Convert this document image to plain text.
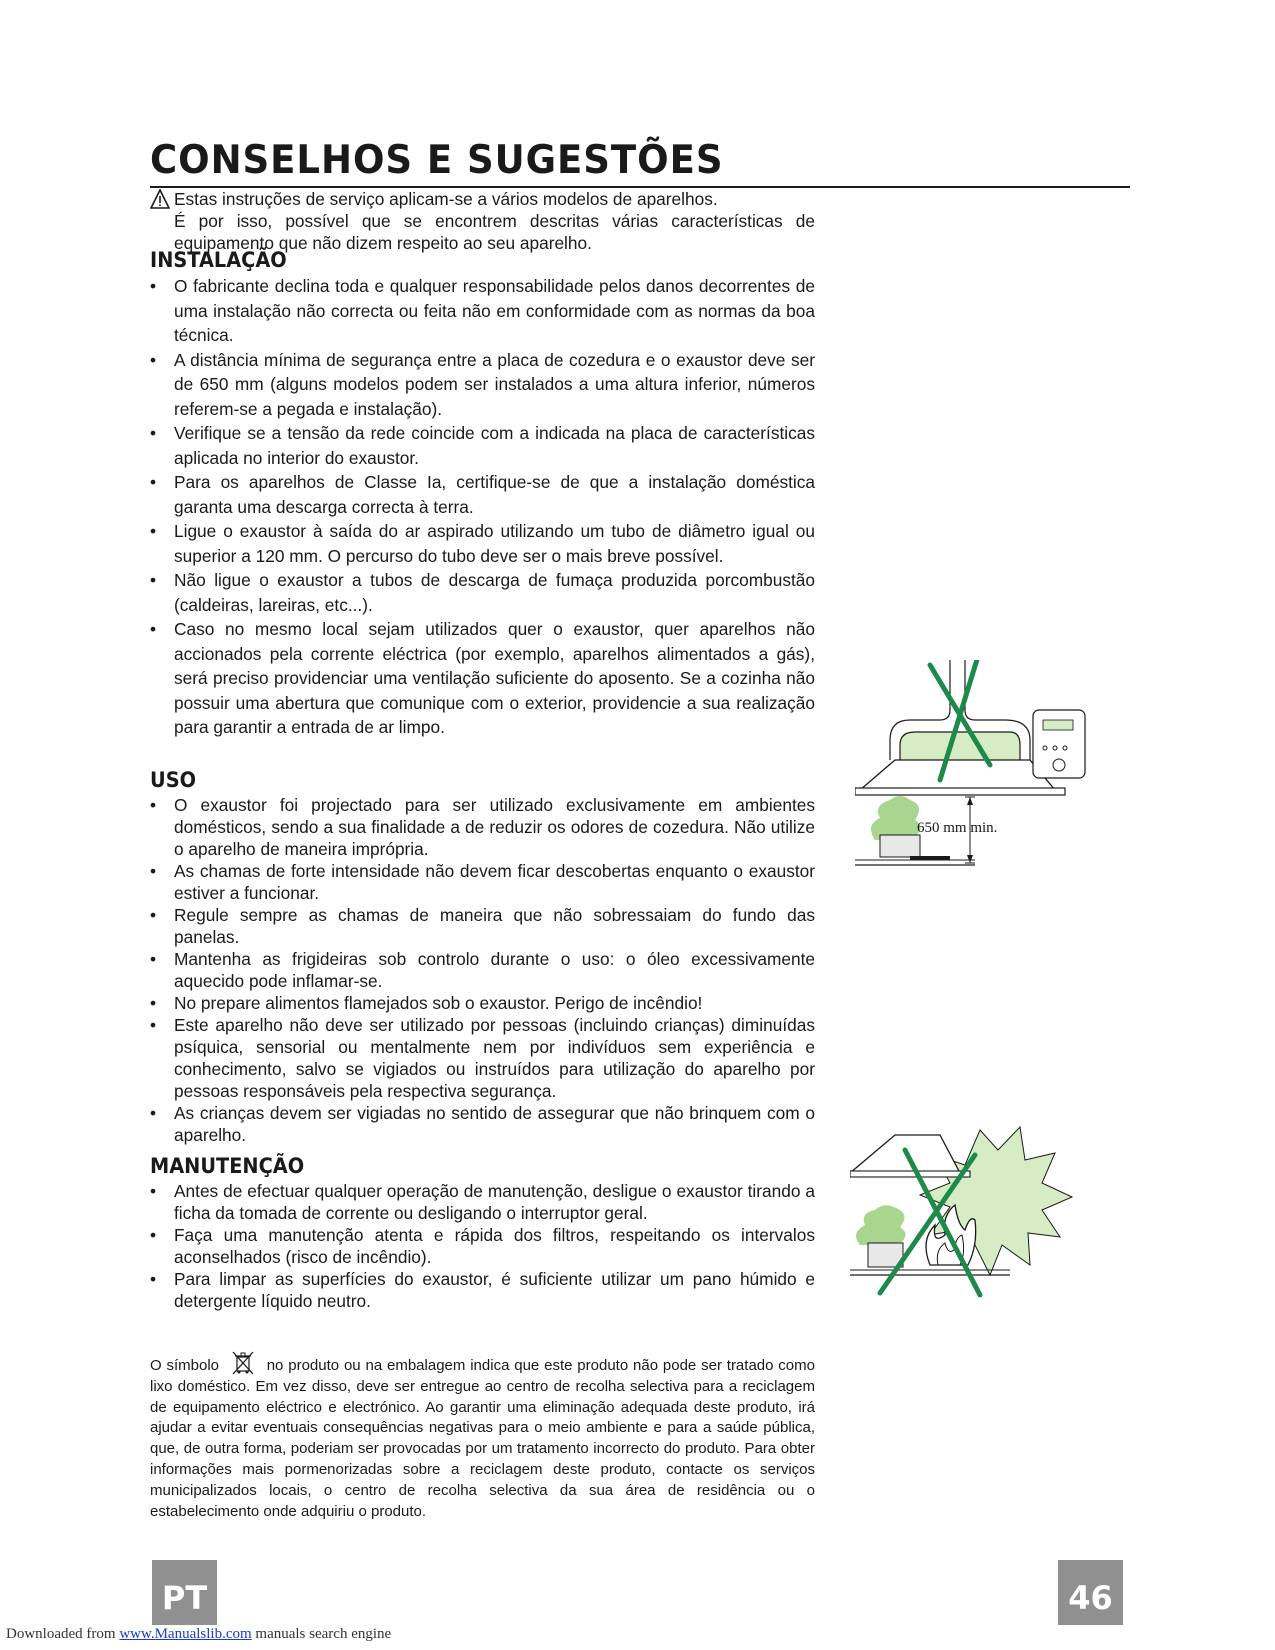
CONSELHOS E SUGESTÕES

Estas instruções de serviço aplicam-se a vários modelos de aparelhos.

É por isso, possível que se encontrem descritas várias características de equipamento que não dizem respeito ao seu aparelho.

INSTALAÇÃO
• O fabricante declina toda e qualquer responsabilidade pelos danos decorrentes de uma instalação não correcta ou feita não em conformidade com as normas da boa técnica.
• A distância mínima de segurança entre a placa de cozedura e o exaustor deve ser de 650 mm (alguns modelos podem ser instalados a uma altura inferior, números referem-se a pegada e instalação).
• Verifique se a tensão da rede coincide com a indicada na placa de características aplicada no interior do exaustor.
• Para os aparelhos de Classe Ia, certifique-se de que a instalação doméstica garanta uma descarga correcta à terra.
• Ligue o exaustor à saída do ar aspirado utilizando um tubo de diâmetro igual ou superior a 120 mm. O percurso do tubo deve ser o mais breve possível.
• Não ligue o exaustor a tubos de descarga de fumaça produzida porcombustão (caldeiras, lareiras, etc...).
• Caso no mesmo local sejam utilizados quer o exaustor, quer aparelhos não accionados pela corrente eléctrica (por exemplo, aparelhos alimentados a gás), será preciso providenciar uma ventilação suficiente do aposento. Se a cozinha não possuir uma abertura que comunique com o exterior, providencie a sua realização para garantir a entrada de ar limpo.
USO
• O exaustor foi projectado para ser utilizado exclusivamente em ambientes domésticos, sendo a sua finalidade a de reduzir os odores de cozedura. Não utilize o aparelho de maneira imprópria.
• As chamas de forte intensidade não devem ficar descobertas enquanto o exaustor estiver a funcionar.
• Regule sempre as chamas de maneira que não sobressaiam do fundo das panelas.
• Mantenha as frigideiras sob controlo durante o uso: o óleo excessivamente aquecido pode inflamar-se.
• No prepare alimentos flamejados sob o exaustor. Perigo de incêndio!
• Este aparelho não deve ser utilizado por pessoas (incluindo crianças) diminuídas psíquica, sensorial ou mentalmente nem por indivíduos sem experiência e conhecimento, salvo se vigiados ou instruídos para utilização do aparelho por pessoas responsáveis pela respectiva segurança.
• As crianças devem ser vigiadas no sentido de assegurar que não brinquem com o aparelho.
MANUTENÇÃO
• Antes de efectuar qualquer operação de manutenção, desligue o exaustor tirando a ficha da tomada de corrente ou desligando o interruptor geral.
• Faça uma manutenção atenta e rápida dos filtros, respeitando os intervalos aconselhados (risco de incêndio).
• Para limpar as superfícies do exaustor, é suficiente utilizar um pano húmido e detergente líquido neutro.

O símbolo	no produto ou na embalagem indica que este produto não pode ser tratado como lixo doméstico. Em vez disso, deve ser entregue ao centro de recolha selectiva para a reciclagem de equipamento eléctrico e electrónico. Ao garantir uma eliminação adequada deste produto, irá ajudar a evitar eventuais consequências negativas para o meio ambiente e para a saúde pública, que, de outra forma, poderiam ser provocadas por um tratamento incorrecto do produto. Para obter informações mais pormenorizadas sobre a reciclagem deste produto, contacte os serviços municipalizados locais, o centro de recolha selectiva da sua área de residência ou o estabelecimento onde adquiriu o produto.

650 mm min.
PT	46
Downloaded from www.Manualslib.com manuals search engine
